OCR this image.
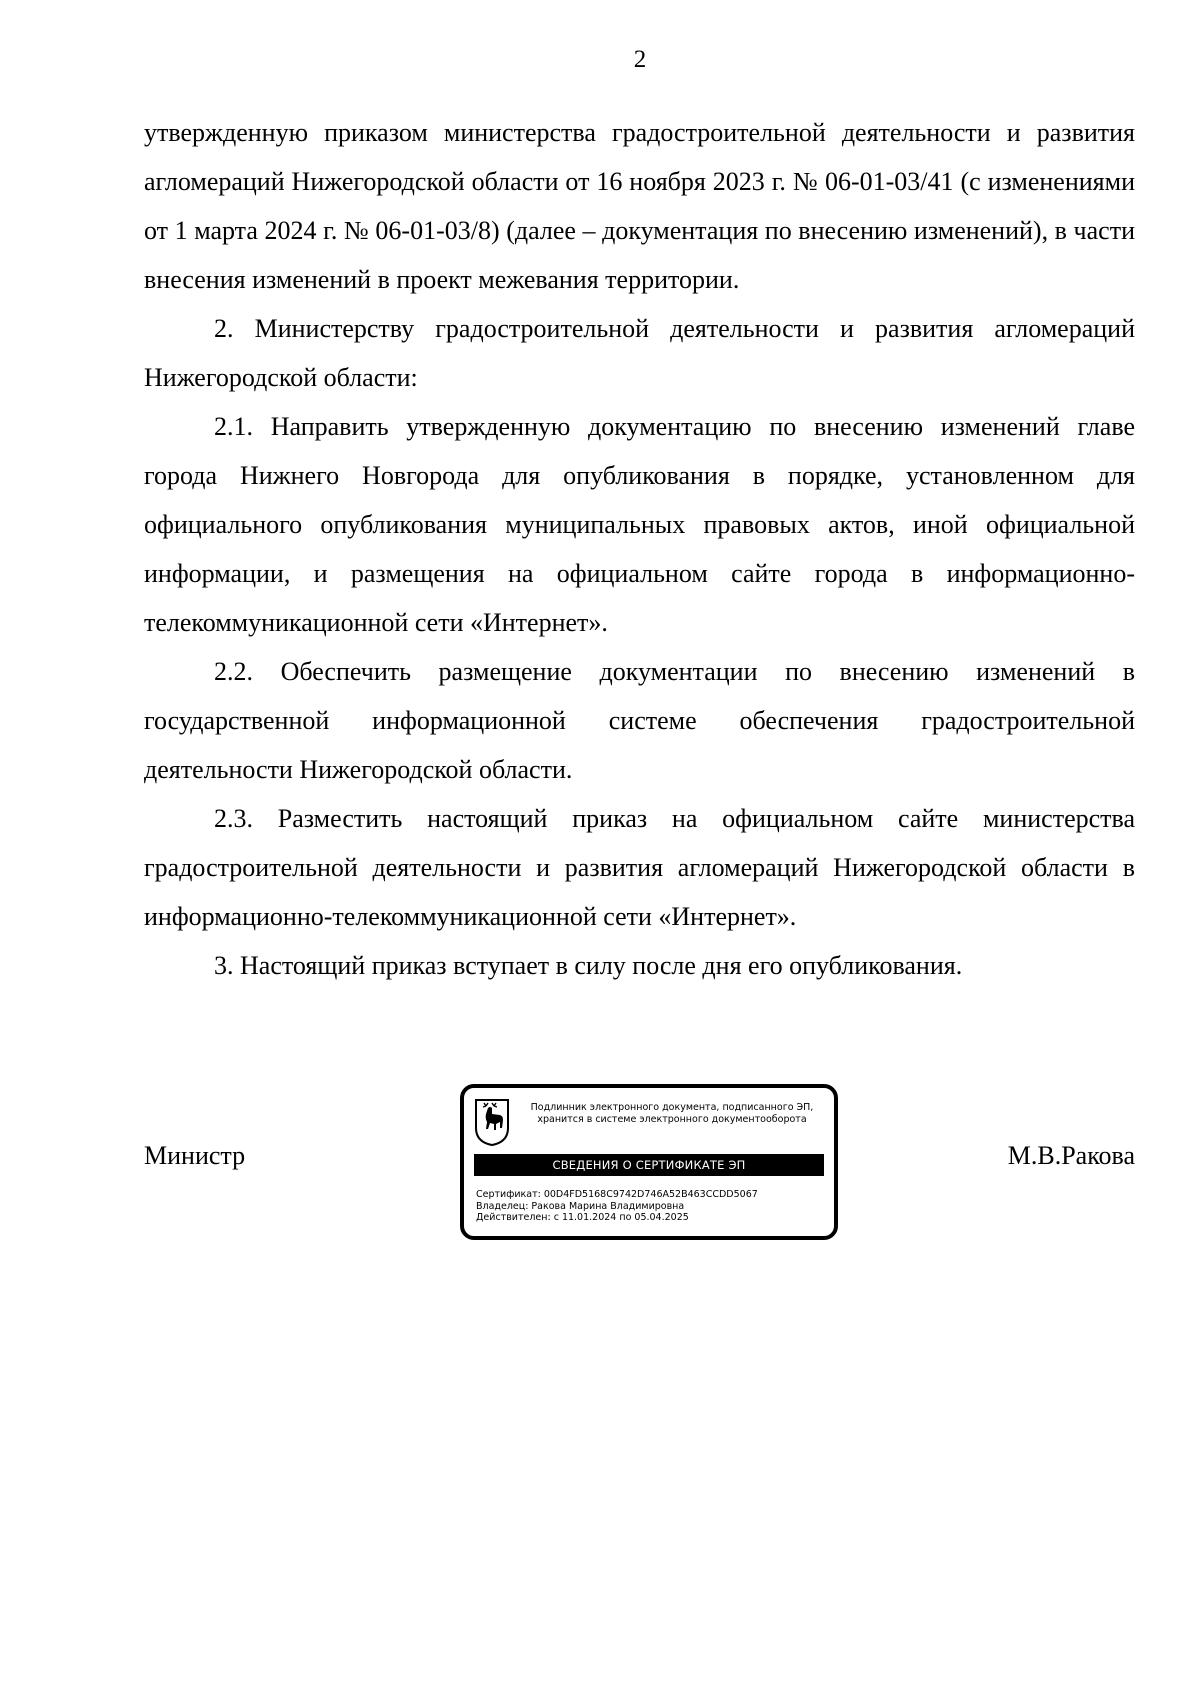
2

утвержденную приказом министерства градостроительной деятельности и развития агломераций Нижегородской области от 16 ноября 2023 г. № 06-01-03/41 (с изменениями от 1 марта 2024 г. № 06-01-03/8) (далее – документация по внесению изменений), в части внесения изменений в проект межевания территории.

2. Министерству градостроительной деятельности и развития агломераций Нижегородской области:

2.1. Направить утвержденную документацию по внесению изменений главе города Нижнего Новгорода для опубликования в порядке, установленном для официального опубликования муниципальных правовых актов, иной официальной информации, и размещения на официальном сайте города в информационно-телекоммуникационной сети «Интернет».

2.2. Обеспечить размещение документации по внесению изменений в государственной информационной системе обеспечения градостроительной деятельности Нижегородской области.

2.3. Разместить настоящий приказ на официальном сайте министерства градостроительной деятельности и развития агломераций Нижегородской области в информационно-телекоммуникационной сети «Интернет».

3. Настоящий приказ вступает в силу после дня его опубликования.

Министр
Подлинник электронного документа, подписанного ЭП,
хранится в системе электронного документооборота
СВЕДЕНИЯ О СЕРТИФИКАТЕ ЭП
Сертификат: 00D4FD5168C9742D746A52B463CCDD5067
Владелец: Ракова Марина Владимировна
Действителен: с 11.01.2024 по 05.04.2025
М.В.Ракова
